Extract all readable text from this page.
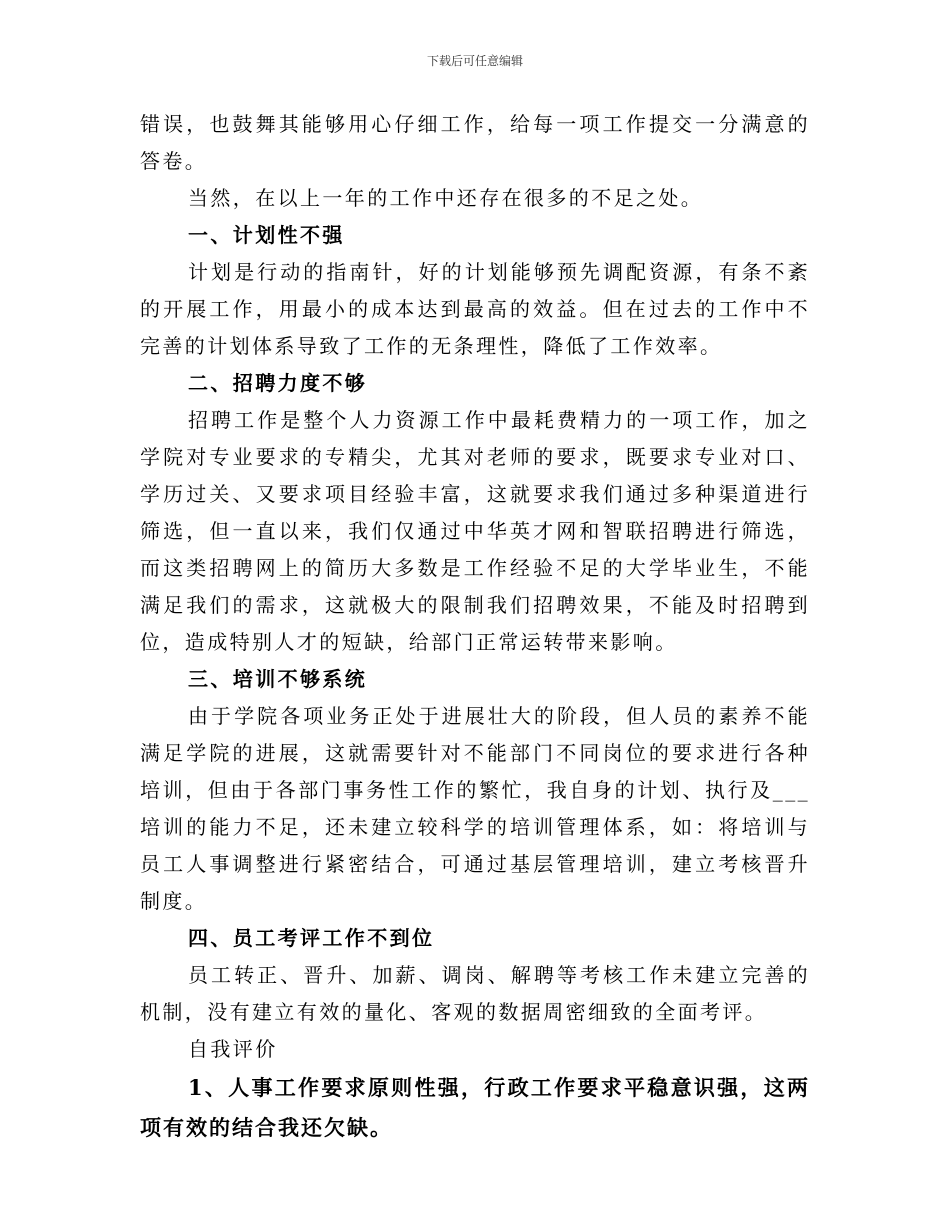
下载后可任意编辑

错误，也鼓舞其能够用心仔细工作，给每一项工作提交一分满意的答卷。

当然，在以上一年的工作中还存在很多的不足之处。

一、计划性不强

计划是行动的指南针，好的计划能够预先调配资源，有条不紊的开展工作，用最小的成本达到最高的效益。但在过去的工作中不完善的计划体系导致了工作的无条理性，降低了工作效率。

二、招聘力度不够

招聘工作是整个人力资源工作中最耗费精力的一项工作，加之学院对专业要求的专精尖，尤其对老师的要求，既要求专业对口、学历过关、又要求项目经验丰富，这就要求我们通过多种渠道进行筛选，但一直以来，我们仅通过中华英才网和智联招聘进行筛选，而这类招聘网上的简历大多数是工作经验不足的大学毕业生，不能满足我们的需求，这就极大的限制我们招聘效果，不能及时招聘到位，造成特别人才的短缺，给部门正常运转带来影响。

三、培训不够系统

由于学院各项业务正处于进展壮大的阶段，但人员的素养不能满足学院的进展，这就需要针对不能部门不同岗位的要求进行各种培训，但由于各部门事务性工作的繁忙，我自身的计划、执行及___培训的能力不足，还未建立较科学的培训管理体系，如：将培训与员工人事调整进行紧密结合，可通过基层管理培训，建立考核晋升制度。

四、员工考评工作不到位

员工转正、晋升、加薪、调岗、解聘等考核工作未建立完善的机制，没有建立有效的量化、客观的数据周密细致的全面考评。

自我评价

1、人事工作要求原则性强，行政工作要求平稳意识强，这两项有效的结合我还欠缺。
